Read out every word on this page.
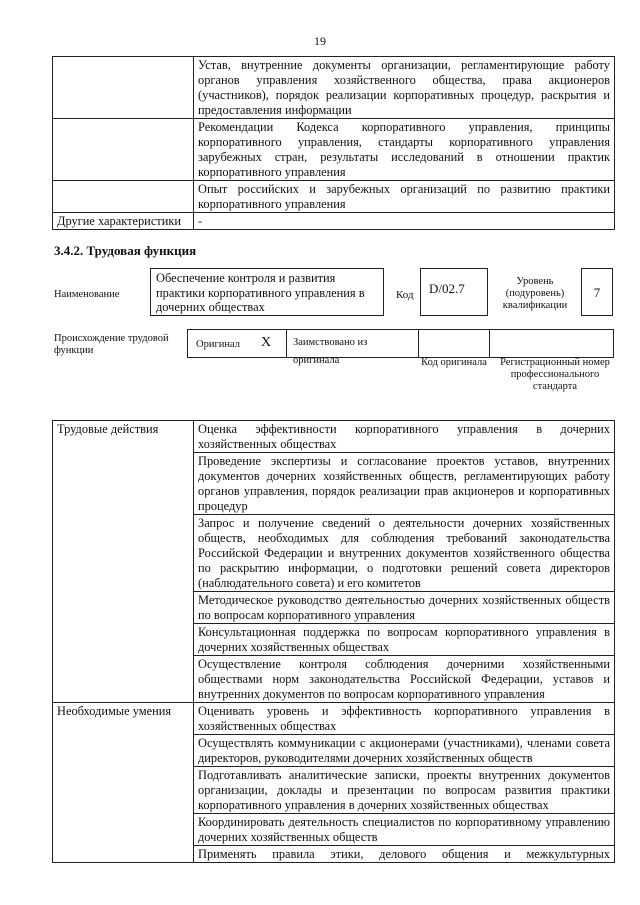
19
	Устав, внутренние документы организации, регламентирующие работу органов управления хозяйственного общества, права акционеров (участников), порядок реализации корпоративных процедур, раскрытия и предоставления информации
	Рекомендации Кодекса корпоративного управления, принципы корпоративного управления, стандарты корпоративного управления зарубежных стран, результаты исследований в отношении практик корпоративного управления
	Опыт российских и зарубежных организаций по развитию практики корпоративного управления
Другие характеристики	-
3.4.2. Трудовая функция
Наименование
Обеспечение контроля и развития практики корпоративного управления в дочерних обществах
Код	D/02.7	Уровень (подуровень) квалификации
7
Происхождение трудовой функции
Оригинал X	Заимствовано из оригинала	Код оригинала Регистрационный номер профессионального стандарта
Трудовые действия	Оценка эффективности корпоративного управления в дочерних хозяйственных обществах
	Проведение экспертизы и согласование проектов уставов, внутренних документов дочерних хозяйственных обществ, регламентирующих работу органов управления, порядок реализации прав акционеров и корпоративных процедур
	Запрос и получение сведений о деятельности дочерних хозяйственных обществ, необходимых для соблюдения требований законодательства Российской Федерации и внутренних документов хозяйственного общества по раскрытию информации, о подготовки решений совета директоров (наблюдательного совета) и его комитетов
	Методическое руководство деятельностью дочерних хозяйственных обществ по вопросам корпоративного управления
	Консультационная поддержка по вопросам корпоративного управления в дочерних хозяйственных обществах
	Осуществление контроля соблюдения дочерними хозяйственными обществами норм законодательства Российской Федерации, уставов и внутренних документов по вопросам корпоративного управления
Необходимые умения	Оценивать уровень и эффективность корпоративного управления в хозяйственных обществах
	Осуществлять коммуникации с акционерами (участниками), членами совета директоров, руководителями дочерних хозяйственных обществ
	Подготавливать аналитические записки, проекты внутренних документов организации, доклады и презентации по вопросам развития практики корпоративного управления в дочерних хозяйственных обществах
	Координировать деятельность специалистов по корпоративному управлению дочерних хозяйственных обществ
	Применять правила этики, делового общения и межкультурных
